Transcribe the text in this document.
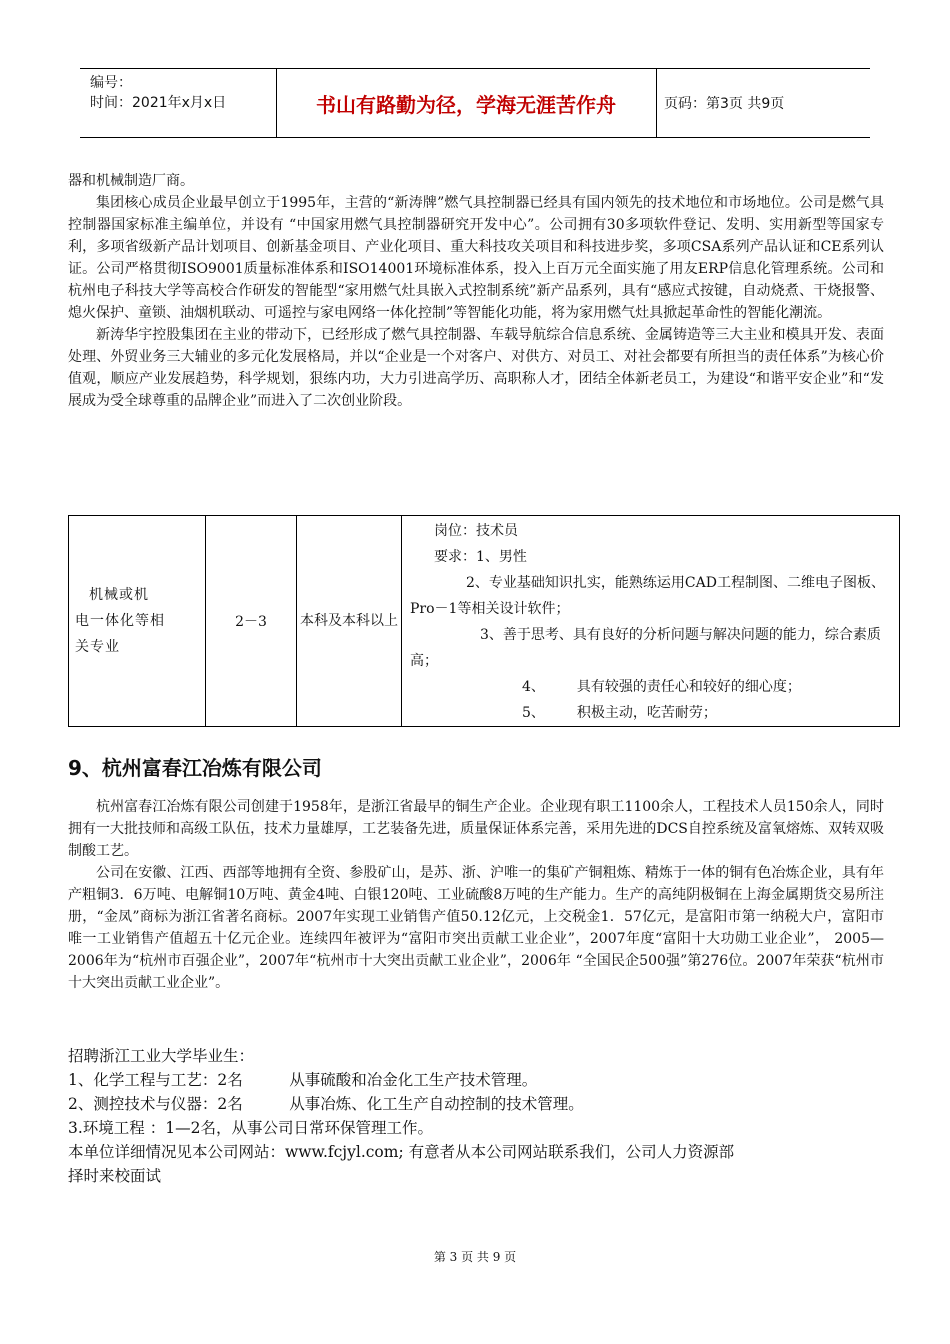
编号：
时间：2021年x月x日	书山有路勤为径，学海无涯苦作舟	页码：第3页 共9页

器和机械制造厂商。

集团核心成员企业最早创立于1995年，主营的“新涛牌”燃气具控制器已经具有国内领先的技术地位和市场地位。公司是燃气具控制器国家标准主编单位，并设有 “中国家用燃气具控制器研究开发中心”。公司拥有30多项软件登记、发明、实用新型等国家专利，多项省级新产品计划项目、创新基金项目、产业化项目、重大科技攻关项目和科技进步奖，多项CSA系列产品认证和CE系列认证。公司严格贯彻ISO9001质量标准体系和ISO14001环境标准体系，投入上百万元全面实施了用友ERP信息化管理系统。公司和杭州电子科技大学等高校合作研发的智能型“家用燃气灶具嵌入式控制系统”新产品系列，具有“感应式按键，自动烧煮、干烧报警、熄火保护、童锁、油烟机联动、可遥控与家电网络一体化控制”等智能化功能，将为家用燃气灶具掀起革命性的智能化潮流。

新涛华宇控股集团在主业的带动下，已经形成了燃气具控制器、车载导航综合信息系统、金属铸造等三大主业和模具开发、表面处理、外贸业务三大辅业的多元化发展格局，并以“企业是一个对客户、对供方、对员工、对社会都要有所担当的责任体系”为核心价值观，顺应产业发展趋势，科学规划，狠练内功，大力引进高学历、高职称人才，团结全体新老员工，为建设“和谐平安企业”和“发展成为受全球尊重的品牌企业”而进入了二次创业阶段。

机械或机
电一体化等相
关专业
	2－3	本科及本科以上	
岗位：技术员
要求：1、男性
2、专业基础知识扎实，能熟练运用CAD工程制图、二维电子图板、Pro－1等相关设计软件；
3、善于思考、具有良好的分析问题与解决问题的能力，综合素质高；
4、 具有较强的责任心和较好的细心度；
5、 积极主动，吃苦耐劳；
9、杭州富春江冶炼有限公司

杭州富春江冶炼有限公司创建于1958年，是浙江省最早的铜生产企业。企业现有职工1100余人，工程技术人员150余人，同时拥有一大批技师和高级工队伍，技术力量雄厚，工艺装备先进，质量保证体系完善，采用先进的DCS自控系统及富氧熔炼、双转双吸制酸工艺。

公司在安徽、江西、西部等地拥有全资、参股矿山，是苏、浙、沪唯一的集矿产铜粗炼、精炼于一体的铜有色冶炼企业，具有年产粗铜3．6万吨、电解铜10万吨、黄金4吨、白银120吨、工业硫酸8万吨的生产能力。生产的高纯阴极铜在上海金属期货交易所注册，“金凤”商标为浙江省著名商标。2007年实现工业销售产值50.12亿元，上交税金1．57亿元，是富阳市第一纳税大户，富阳市唯一工业销售产值超五十亿元企业。连续四年被评为“富阳市突出贡献工业企业”，2007年度“富阳十大功勋工业企业”， 2005—2006年为“杭州市百强企业”，2007年“杭州市十大突出贡献工业企业”，2006年 “全国民企500强”第276位。2007年荣获“杭州市十大突出贡献工业企业”。

招聘浙江工业大学毕业生：

1、化学工程与工艺：2名　　　从事硫酸和冶金化工生产技术管理。

2、测控技术与仪器：2名　　　从事冶炼、化工生产自动控制的技术管理。

3.环境工程 ：1—2名，从事公司日常环保管理工作。

本单位详细情况见本公司网站：www.fcjyl.com; 有意者从本公司网站联系我们，公司人力资源部

择时来校面试

第 3 页 共 9 页
